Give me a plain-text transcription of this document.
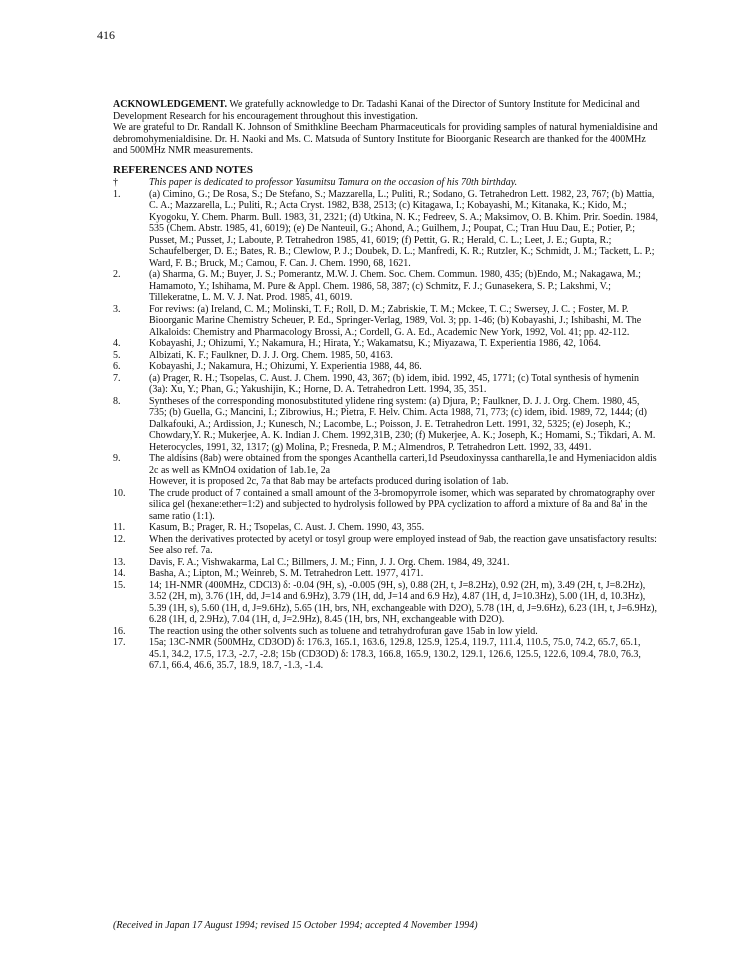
416

ACKNOWLEDGEMENT. We gratefully acknowledge to Dr. Tadashi Kanai of the Director of Suntory Institute for Medicinal and Development Research for his encouragement throughout this investigation.

We are grateful to Dr. Randall K. Johnson of Smithkline Beecham Pharmaceuticals for providing samples of natural hymenialdisine and debromohymenialdisine. Dr. H. Naoki and Ms. C. Matsuda of Suntory Institute for Bioorganic Research are thanked for the 400MHz and 500MHz NMR measurements.

REFERENCES AND NOTES
†	This paper is dedicated to professor Yasumitsu Tamura on the occasion of his 70th birthday.

1.	(a) Cimino, G.; De Rosa, S.; De Stefano, S.; Mazzarella, L.; Puliti, R.; Sodano, G. Tetrahedron Lett. 1982, 23, 767; (b) Mattia, C. A.; Mazzarella, L.; Puliti, R.; Acta Cryst. 1982, B38, 2513; (c) Kitagawa, I.; Kobayashi, M.; Kitanaka, K.; Kido, M.; Kyogoku, Y. Chem. Pharm. Bull. 1983, 31, 2321; (d) Utkina, N. K.; Fedreev, S. A.; Maksimov, O. B. Khim. Prir. Soedin. 1984, 535 (Chem. Abstr. 1985, 41, 6019); (e) De Nanteuil, G.; Ahond, A.; Guilhem, J.; Poupat, C.; Tran Huu Dau, E.; Potier, P.; Pusset, M.; Pusset, J.; Laboute, P. Tetrahedron 1985, 41, 6019; (f) Pettit, G. R.; Herald, C. L.; Leet, J. E.; Gupta, R.; Schaufelberger, D. E.; Bates, R. B.; Clewlow, P. J.; Doubek, D. L.; Manfredi, K. R.; Rutzler, K.; Schmidt, J. M.; Tackett, L. P.; Ward, F. B.; Bruck, M.; Camou, F. Can. J. Chem. 1990, 68, 1621.

2.	(a) Sharma, G. M.; Buyer, J. S.; Pomerantz, M.W. J. Chem. Soc. Chem. Commun. 1980, 435; (b)Endo, M.; Nakagawa, M.; Hamamoto, Y.; Ishihama, M. Pure & Appl. Chem. 1986, 58, 387; (c) Schmitz, F. J.; Gunasekera, S. P.; Lakshmi, V.; Tillekeratne, L. M. V. J. Nat. Prod. 1985, 41, 6019.

3.	For reviws: (a) Ireland, C. M.; Molinski, T. F.; Roll, D. M.; Zabriskie, T. M.; Mckee, T. C.; Swersey, J. C. ; Foster, M. P. Bioorganic Marine Chemistry Scheuer, P. Ed., Springer-Verlag, 1989, Vol. 3; pp. 1-46; (b) Kobayashi, J.; Ishibashi, M. The Alkaloids: Chemistry and Pharmacology Brossi, A.; Cordell, G. A. Ed., Academic New York, 1992, Vol. 41; pp. 42-112.

4.	Kobayashi, J.; Ohizumi, Y.; Nakamura, H.; Hirata, Y.; Wakamatsu, K.; Miyazawa, T. Experientia 1986, 42, 1064.

5.	Albizati, K. F.; Faulkner, D. J. J. Org. Chem. 1985, 50, 4163.

6.	Kobayashi, J.; Nakamura, H.; Ohizumi, Y. Experientia 1988, 44, 86.

7.	(a) Prager, R. H.; Tsopelas, C. Aust. J. Chem. 1990, 43, 367; (b) idem, ibid. 1992, 45, 1771; (c) Total synthesis of hymenin (3a): Xu, Y.; Phan, G.; Yakushijin, K.; Horne, D. A. Tetrahedron Lett. 1994, 35, 351.

8.	Syntheses of the corresponding monosubstituted ylidene ring system: (a) Djura, P.; Faulkner, D. J. J. Org. Chem. 1980, 45, 735; (b) Guella, G.; Mancini, I.; Zibrowius, H.; Pietra, F. Helv. Chim. Acta 1988, 71, 773; (c) idem, ibid. 1989, 72, 1444; (d) Dalkafouki, A.; Ardission, J.; Kunesch, N.; Lacombe, L.; Poisson, J. E. Tetrahedron Lett. 1991, 32, 5325; (e) Joseph, K.; Chowdary,Y. R.; Mukerjee, A. K. Indian J. Chem. 1992,31B, 230; (f) Mukerjee, A. K.; Joseph, K.; Homami, S.; Tikdari, A. M. Heterocycles, 1991, 32, 1317; (g) Molina, P.; Fresneda, P. M.; Almendros, P. Tetrahedron Lett. 1992, 33, 4491.

9.	The aldisins (8ab) were obtained from the sponges Acanthella carteri,1d Pseudoxinyssa cantharella,1e and Hymeniacidon aldis 2c as well as KMnO4 oxidation of 1ab.1e, 2a

However, it is proposed 2c, 7a that 8ab may be artefacts produced during isolation of 1ab.

10.	The crude product of 7 contained a small amount of the 3-bromopyrrole isomer, which was separated by chromatography over silica gel (hexane:ether=1:2) and subjected to hydrolysis followed by PPA cyclization to afford a mixture of 8a and 8a' in the same ratio (1:1).

11.	Kasum, B.; Prager, R. H.; Tsopelas, C. Aust. J. Chem. 1990, 43, 355.

12.	When the derivatives protected by acetyl or tosyl group were employed instead of 9ab, the reaction gave unsatisfactory results: See also ref. 7a.

13.	Davis, F. A.; Vishwakarma, Lal C.; Billmers, J. M.; Finn, J. J. Org. Chem. 1984, 49, 3241.

14.	Basha, A.; Lipton, M.; Weinreb, S. M. Tetrahedron Lett. 1977, 4171.

15.	14; 1H-NMR (400MHz, CDCl3) δ: -0.04 (9H, s), -0.005 (9H, s), 0.88 (2H, t, J=8.2Hz), 0.92 (2H, m), 3.49 (2H, t, J=8.2Hz), 3.52 (2H, m), 3.76 (1H, dd, J=14 and 6.9Hz), 3.79 (1H, dd, J=14 and 6.9 Hz), 4.87 (1H, d, J=10.3Hz), 5.00 (1H, d, 10.3Hz), 5.39 (1H, s), 5.60 (1H, d, J=9.6Hz), 5.65 (1H, brs, NH, exchangeable with D2O), 5.78 (1H, d, J=9.6Hz), 6.23 (1H, t, J=6.9Hz), 6.28 (1H, d, 2.9Hz), 7.04 (1H, d, J=2.9Hz), 8.45 (1H, brs, NH, exchangeable with D2O).

16.	The reaction using the other solvents such as toluene and tetrahydrofuran gave 15ab in low yield.

17.	15a; 13C-NMR (500MHz, CD3OD) δ: 176.3, 165.1, 163.6, 129.8, 125.9, 125.4, 119.7, 111.4, 110.5, 75.0, 74.2, 65.7, 65.1, 45.1, 34.2, 17.5, 17.3, -2.7, -2.8; 15b (CD3OD) δ: 178.3, 166.8, 165.9, 130.2, 129.1, 126.6, 125.5, 122.6, 109.4, 78.0, 76.3, 67.1, 66.4, 46.6, 35.7, 18.9, 18.7, -1.3, -1.4.

(Received in Japan 17 August 1994; revised 15 October 1994; accepted 4 November 1994)
